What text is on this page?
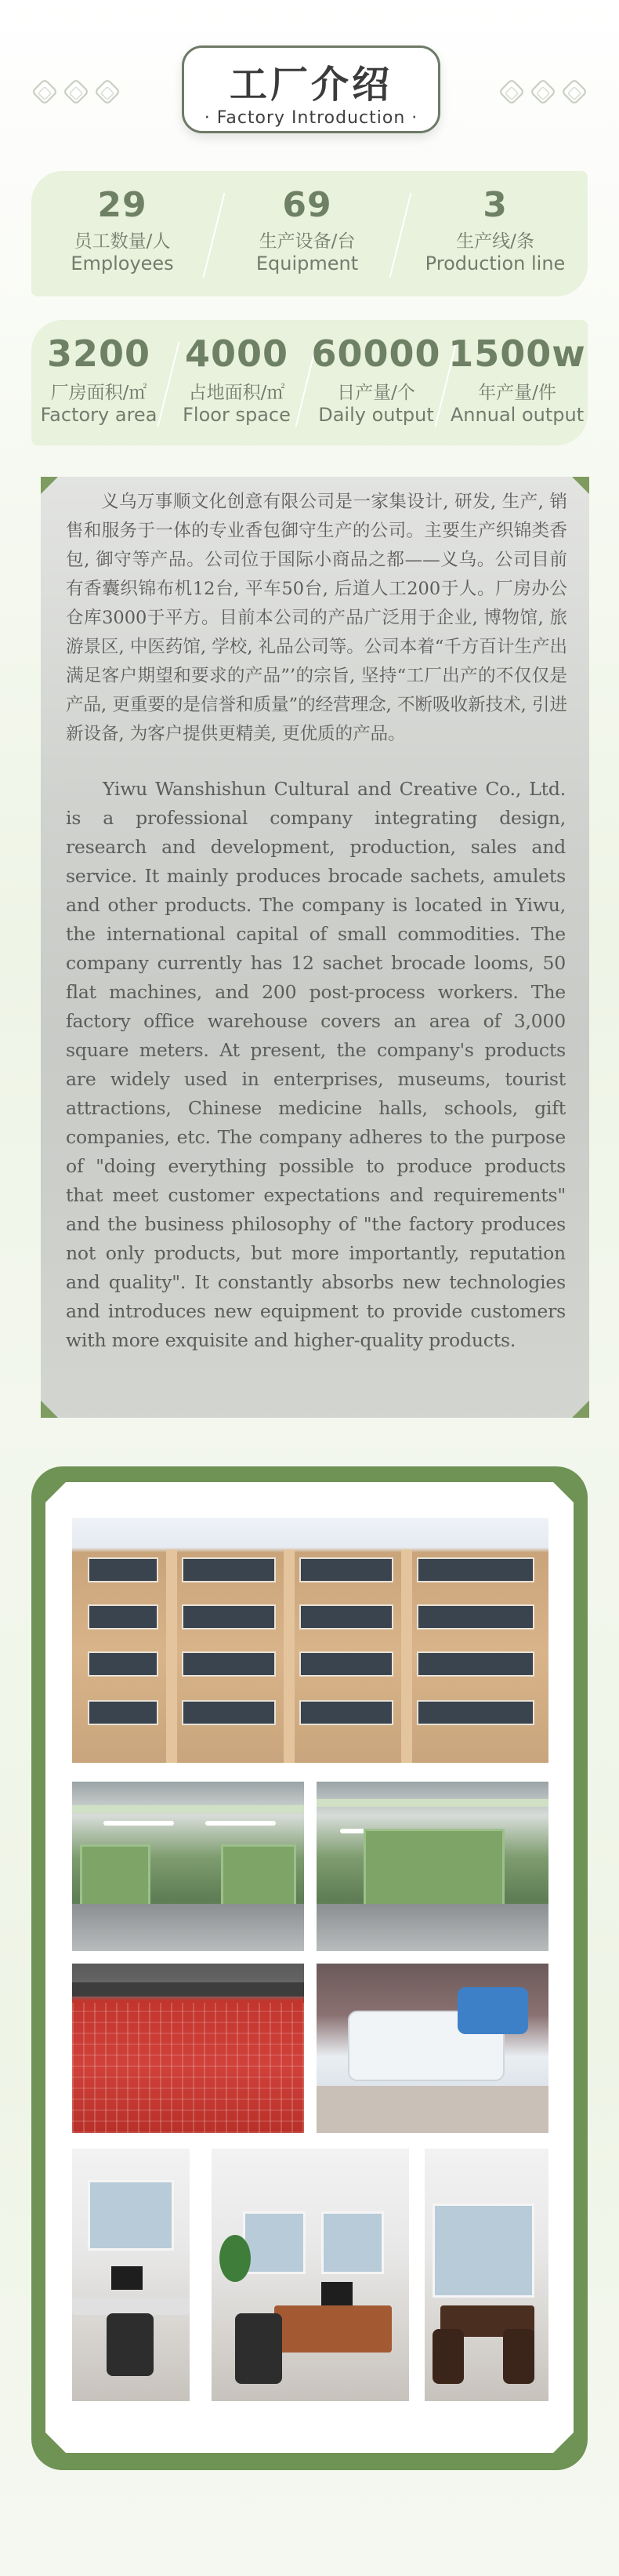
工厂介绍
· Factory Introduction ·
29
员工数量/人
Employees
69
生产设备/台
Equipment
3
生产线/条
Production line
3200
厂房面积/㎡
Factory area
4000
占地面积/㎡
Floor space
60000
日产量/个
Daily output
1500w
年产量/件
Annual output

义乌万事顺文化创意有限公司是一家集设计, 研发, 生产, 销售和服务于一体的专业香包御守生产的公司。主要生产织锦类香包, 御守等产品。公司位于国际小商品之都——义乌。公司目前有香囊织锦布机12台, 平车50台, 后道人工200于人。厂房办公仓库3000于平方。目前本公司的产品广泛用于企业, 博物馆, 旅游景区, 中医药馆, 学校, 礼品公司等。公司本着“千方百计生产出满足客户期望和要求的产品”’的宗旨, 坚持“工厂出产的不仅仅是产品, 更重要的是信誉和质量”的经营理念, 不断吸收新技术, 引进新设备, 为客户提供更精美, 更优质的产品。

Yiwu Wanshishun Cultural and Creative Co., Ltd. is a professional company integrating design, research and development, production, sales and service. It mainly produces brocade sachets, amulets and other products. The company is located in Yiwu, the international capital of small commodities. The company currently has 12 sachet brocade looms, 50 flat machines, and 200 post-process workers. The factory office warehouse covers an area of 3,000 square meters. At present, the company's products are widely used in enterprises, museums, tourist attractions, Chinese medicine halls, schools, gift companies, etc. The company adheres to the purpose of "doing everything possible to produce products that meet customer expectations and requirements" and the business philosophy of "the factory produces not only products, but more importantly, reputation and quality". It constantly absorbs new technologies and introduces new equipment to provide customers with more exquisite and higher-quality products.
